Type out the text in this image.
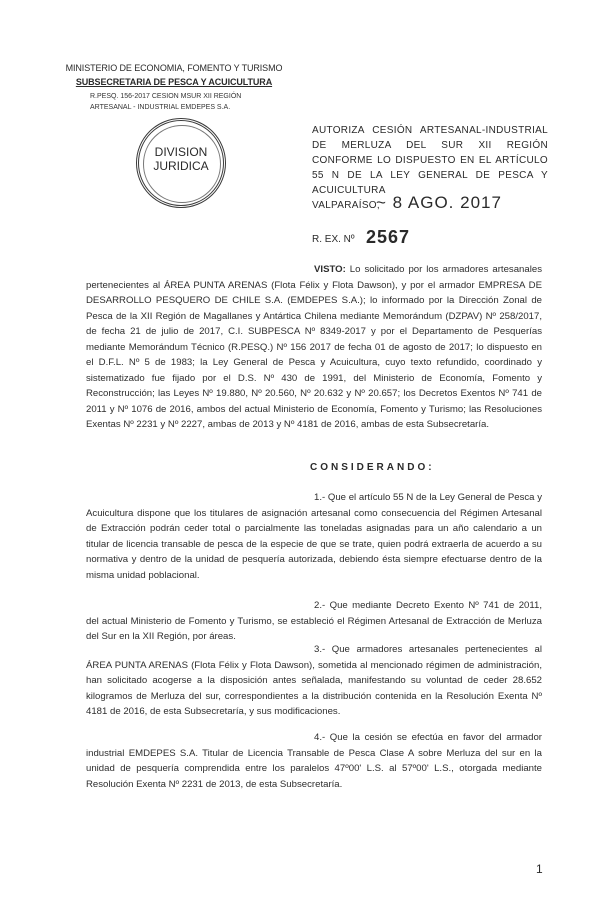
MINISTERIO DE ECONOMIA, FOMENTO Y TURISMO
SUBSECRETARIA DE PESCA Y ACUICULTURA
R.PESQ. 156-2017 CESION MSUR XII REGIÓN
ARTESANAL - INDUSTRIAL EMDEPES S.A.
DIVISION
JURIDICA
AUTORIZA CESIÓN ARTESANAL-INDUSTRIAL DE MERLUZA DEL SUR XII REGIÓN CONFORME LO DISPUESTO EN EL ARTÍCULO 55 N DE LA LEY GENERAL DE PESCA Y ACUICULTURA
VALPARAÍSO,
~ 8 AGO. 2017
R. EX. Nº 2567
VISTO: Lo solicitado por los armadores artesanales pertenecientes al ÁREA PUNTA ARENAS (Flota Félix y Flota Dawson), y por el armador EMPRESA DE DESARROLLO PESQUERO DE CHILE S.A. (EMDEPES S.A.); lo informado por la Dirección Zonal de Pesca de la XII Región de Magallanes y Antártica Chilena mediante Memorándum (DZPAV) Nº 258/2017, de fecha 21 de julio de 2017, C.I. SUBPESCA Nº 8349-2017 y por el Departamento de Pesquerías mediante Memorándum Técnico (R.PESQ.) Nº 156 2017 de fecha 01 de agosto de 2017; lo dispuesto en el D.F.L. Nº 5 de 1983; la Ley General de Pesca y Acuicultura, cuyo texto refundido, coordinado y sistematizado fue fijado por el D.S. Nº 430 de 1991, del Ministerio de Economía, Fomento y Reconstrucción; las Leyes Nº 19.880, Nº 20.560, Nº 20.632 y Nº 20.657; los Decretos Exentos Nº 741 de 2011 y Nº 1076 de 2016, ambos del actual Ministerio de Economía, Fomento y Turismo; las Resoluciones Exentas Nº 2231 y Nº 2227, ambas de 2013 y Nº 4181 de 2016, ambas de esta Subsecretaría.
CONSIDERANDO:
1.- Que el artículo 55 N de la Ley General de Pesca y Acuicultura dispone que los titulares de asignación artesanal como consecuencia del Régimen Artesanal de Extracción podrán ceder total o parcialmente las toneladas asignadas para un año calendario a un titular de licencia transable de pesca de la especie de que se trate, quien podrá extraerla de acuerdo a su normativa y dentro de la unidad de pesquería autorizada, debiendo ésta siempre efectuarse dentro de la misma unidad poblacional.
2.- Que mediante Decreto Exento Nº 741 de 2011, del actual Ministerio de Fomento y Turismo, se estableció el Régimen Artesanal de Extracción de Merluza del Sur en la XII Región, por áreas.
3.- Que armadores artesanales pertenecientes al ÁREA PUNTA ARENAS (Flota Félix y Flota Dawson), sometida al mencionado régimen de administración, han solicitado acogerse a la disposición antes señalada, manifestando su voluntad de ceder 28.652 kilogramos de Merluza del sur, correspondientes a la distribución contenida en la Resolución Exenta Nº 4181 de 2016, de esta Subsecretaría, y sus modificaciones.
4.- Que la cesión se efectúa en favor del armador industrial EMDEPES S.A. Titular de Licencia Transable de Pesca Clase A sobre Merluza del sur en la unidad de pesquería comprendida entre los paralelos 47º00' L.S. al 57º00' L.S., otorgada mediante Resolución Exenta Nº 2231 de 2013, de esta Subsecretaría.
1
